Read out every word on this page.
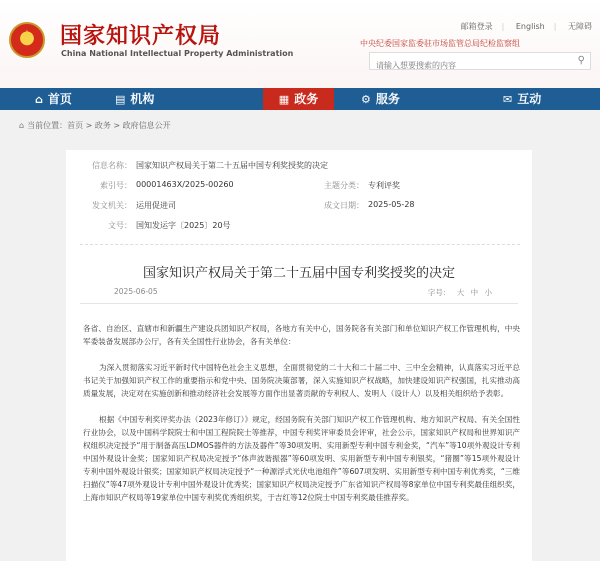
★
国家知识产权局
China National Intellectual Property Administration
邮箱登录 | English | 无障碍
中央纪委国家监委驻市场监管总局纪检监察组
请输入想要搜索的内容
⚲
⌂ 首页	▤ 机构	▦ 政务	⚙ 服务	✉ 互动
⌂ 当前位置：首页 > 政务 > 政府信息公开
信息名称： 国家知识产权局关于第二十五届中国专利奖授奖的决定
索引号： 00001463X/2025-00260	主题分类： 专利评奖
发文机关： 运用促进司	成文日期： 2025-05-28
文号： 国知发运字〔2025〕20号
国家知识产权局关于第二十五届中国专利奖授奖的决定
2025-06-05	字号： 大 中 小

各省、自治区、直辖市和新疆生产建设兵团知识产权局，各地方有关中心，国务院各有关部门和单位知识产权工作管理机构，中央军委装备发展部办公厅，各有关全国性行业协会，各有关单位：

为深入贯彻落实习近平新时代中国特色社会主义思想，全面贯彻党的二十大和二十届二中、三中全会精神，认真落实习近平总书记关于加强知识产权工作的重要指示和党中央、国务院决策部署，深入实施知识产权战略，加快建设知识产权强国，扎实推动高质量发展，决定对在实施创新和推动经济社会发展等方面作出显著贡献的专利权人、发明人（设计人）以及相关组织给予表彰。

根据《中国专利奖评奖办法（2023年修订）》规定，经国务院有关部门知识产权工作管理机构、地方知识产权局、有关全国性行业协会，以及中国科学院院士和中国工程院院士等推荐，中国专利奖评审委员会评审，社会公示，国家知识产权局和世界知识产权组织决定授予“用于制备高压LDMOS器件的方法及器件”等30项发明、实用新型专利中国专利金奖，“汽车”等10项外观设计专利中国外观设计金奖；国家知识产权局决定授予“体声波谐振器”等60项发明、实用新型专利中国专利银奖，“猪圈”等15项外观设计专利中国外观设计银奖；国家知识产权局决定授予“一种源浮式光伏电池组件”等607项发明、实用新型专利中国专利优秀奖，“三维扫描仪”等47项外观设计专利中国外观设计优秀奖；国家知识产权局决定授予广东省知识产权局等8家单位中国专利奖最佳组织奖，上海市知识产权局等19家单位中国专利奖优秀组织奖，于吉红等12位院士中国专利奖最佳推荐奖。
